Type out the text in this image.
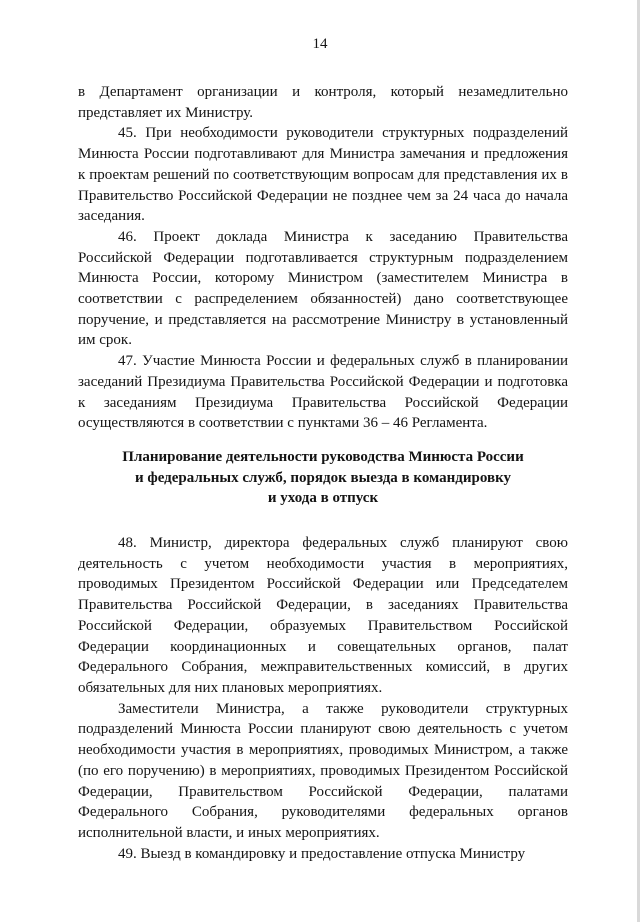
14

в Департамент организации и контроля, который незамедлительно представляет их Министру.

45. При необходимости руководители структурных подразделений Минюста России подготавливают для Министра замечания и предложения к проектам решений по соответствующим вопросам для представления их в Правительство Российской Федерации не позднее чем за 24 часа до начала заседания.

46. Проект доклада Министра к заседанию Правительства Российской Федерации подготавливается структурным подразделением Минюста России, которому Министром (заместителем Министра в соответствии с распределением обязанностей) дано соответствующее поручение, и представляется на рассмотрение Министру в установленный им срок.

47. Участие Минюста России и федеральных служб в планировании заседаний Президиума Правительства Российской Федерации и подготовка к заседаниям Президиума Правительства Российской Федерации осуществляются в соответствии с пунктами 36 – 46 Регламента.

Планирование деятельности руководства Минюста России
и федеральных служб, порядок выезда в командировку
и ухода в отпуск

48. Министр, директора федеральных служб планируют свою деятельность с учетом необходимости участия в мероприятиях, проводимых Президентом Российской Федерации или Председателем Правительства Российской Федерации, в заседаниях Правительства Российской Федерации, образуемых Правительством Российской Федерации координационных и совещательных органов, палат Федерального Собрания, межправительственных комиссий, в других обязательных для них плановых мероприятиях.

Заместители Министра, а также руководители структурных подразделений Минюста России планируют свою деятельность с учетом необходимости участия в мероприятиях, проводимых Министром, а также (по его поручению) в мероприятиях, проводимых Президентом Российской Федерации, Правительством Российской Федерации, палатами Федерального Собрания, руководителями федеральных органов исполнительной власти, и иных мероприятиях.

49. Выезд в командировку и предоставление отпуска Министру
